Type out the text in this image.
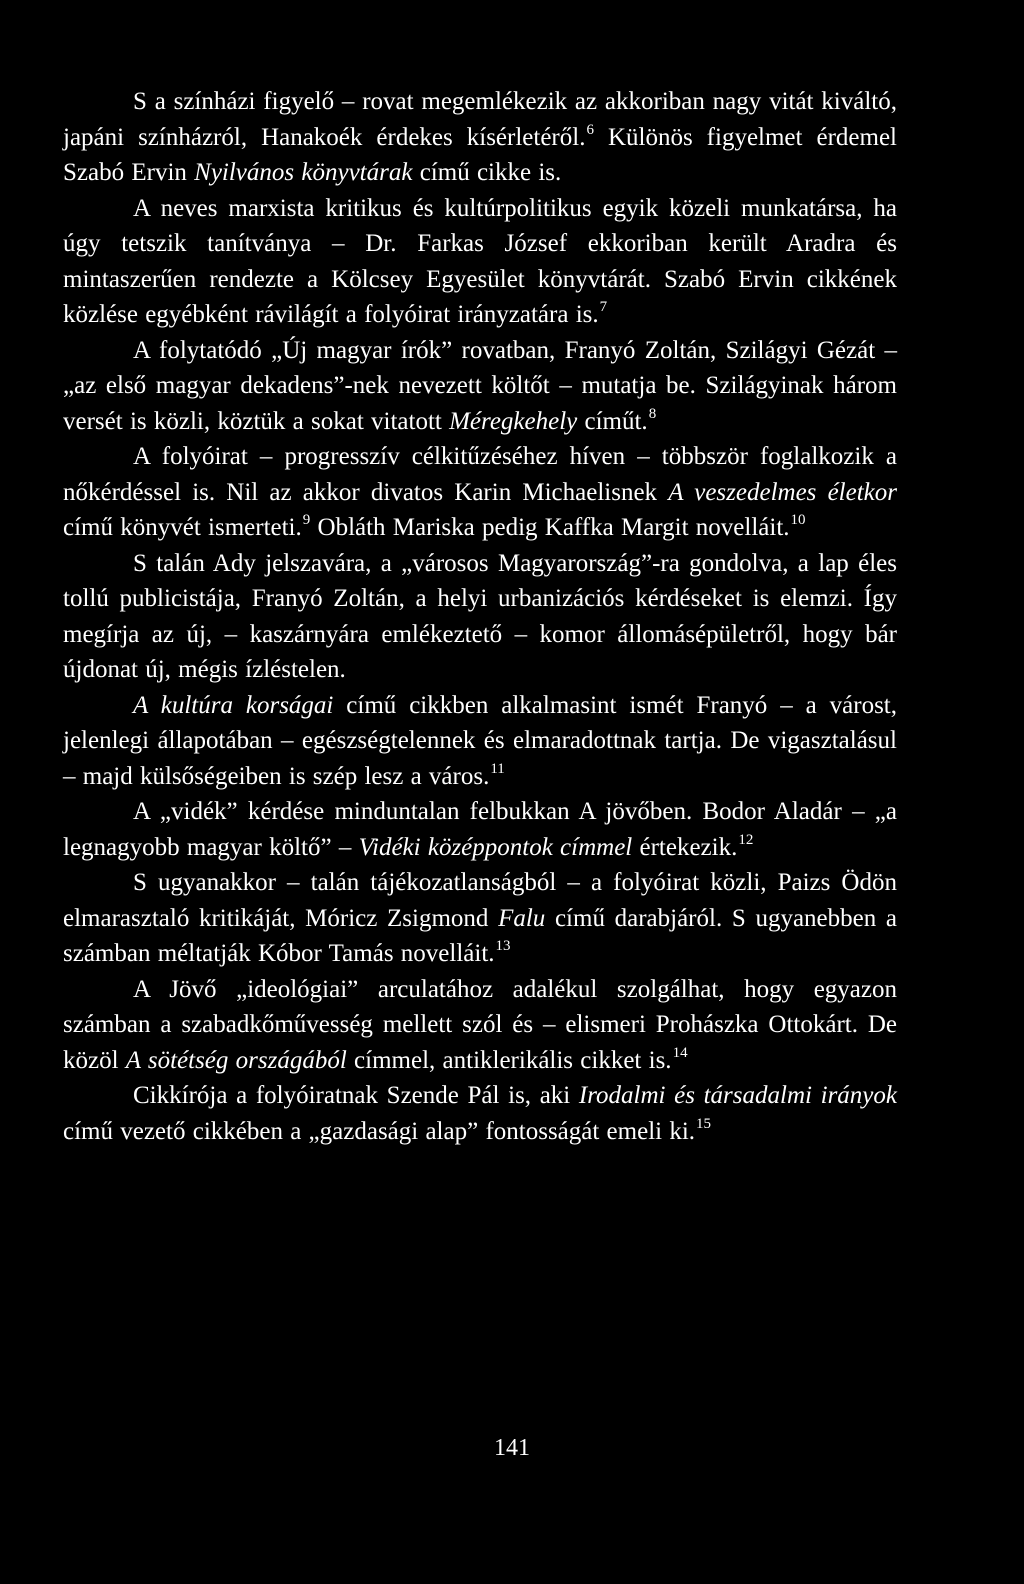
S a színházi figyelő – rovat megemlékezik az akkoriban nagy vitát kiváltó, japáni színházról, Hanakoék érdekes kísérletéről.$^6$ Különös figyelmet érdemel Szabó Ervin Nyilvános könyvtárak című cikke is.

A neves marxista kritikus és kultúrpolitikus egyik közeli munkatársa, ha úgy tetszik tanítványa – Dr. Farkas József ekkoriban került Aradra és mintaszerűen rendezte a Kölcsey Egyesület könyvtárát. Szabó Ervin cikkének közlése egyébként rávilágít a folyóirat irányzatára is.$^7$

A folytatódó „Új magyar írók” rovatban, Franyó Zoltán, Szilágyi Gézát – „az első magyar dekadens”-nek nevezett költőt – mutatja be. Szilágyinak három versét is közli, köztük a sokat vitatott Méregkehely címűt.$^8$

A folyóirat – progresszív célkitűzéséhez híven – többször foglalkozik a nőkérdéssel is. Nil az akkor divatos Karin Michaelisnek A veszedelmes életkor című könyvét ismerteti.$^9$ Obláth Mariska pedig Kaffka Margit novelláit.$^{10}$

S talán Ady jelszavára, a „városos Magyarország”-ra gondolva, a lap éles tollú publicistája, Franyó Zoltán, a helyi urbanizációs kérdéseket is elemzi. Így megírja az új, – kaszárnyára emlékeztető – komor állomásépületről, hogy bár újdonat új, mégis ízléstelen.

A kultúra korságai című cikkben alkalmasint ismét Franyó – a várost, jelenlegi állapotában – egészségtelennek és elmaradottnak tartja. De vigasztalásul – majd külsőségeiben is szép lesz a város.$^{11}$

A „vidék” kérdése minduntalan felbukkan A jövőben. Bodor Aladár – „a legnagyobb magyar költő” – Vidéki középpontok címmel értekezik.$^{12}$

S ugyanakkor – talán tájékozatlanságból – a folyóirat közli, Paizs Ödön elmarasztaló kritikáját, Móricz Zsigmond Falu című darabjáról. S ugyanebben a számban méltatják Kóbor Tamás novelláit.$^{13}$

A Jövő „ideológiai” arculatához adalékul szolgálhat, hogy egyazon számban a szabadkőművesség mellett szól és – elismeri Prohászka Ottokárt. De közöl A sötétség országából címmel, antiklerikális cikket is.$^{14}$

Cikkírója a folyóiratnak Szende Pál is, aki Irodalmi és társadalmi irányok című vezető cikkében a „gazdasági alap” fontosságát emeli ki.$^{15}$

141
